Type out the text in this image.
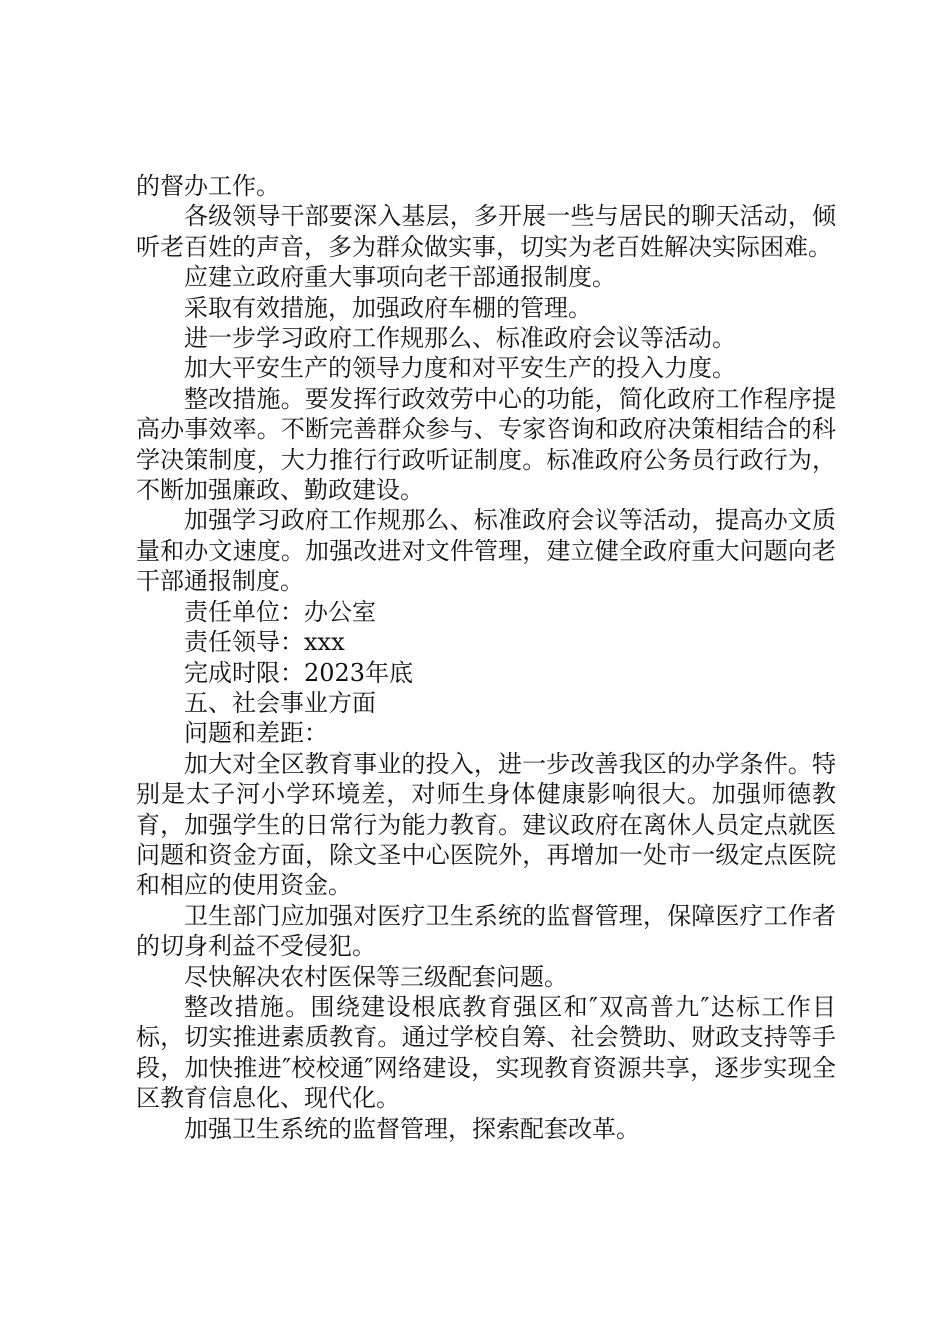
的督办工作。

各级领导干部要深入基层，多开展一些与居民的聊天活动，倾听老百姓的声音，多为群众做实事，切实为老百姓解决实际困难。

应建立政府重大事项向老干部通报制度。

采取有效措施，加强政府车棚的管理。

进一步学习政府工作规那么、标准政府会议等活动。

加大平安生产的领导力度和对平安生产的投入力度。

整改措施。要发挥行政效劳中心的功能，简化政府工作程序提高办事效率。不断完善群众参与、专家咨询和政府决策相结合的科学决策制度，大力推行行政听证制度。标准政府公务员行政行为，不断加强廉政、勤政建设。

加强学习政府工作规那么、标准政府会议等活动，提高办文质量和办文速度。加强改进对文件管理，建立健全政府重大问题向老干部通报制度。

责任单位：办公室

责任领导：xxx

完成时限：2023年底

五、社会事业方面

问题和差距：

加大对全区教育事业的投入，进一步改善我区的办学条件。特别是太子河小学环境差，对师生身体健康影响很大。加强师德教育，加强学生的日常行为能力教育。建议政府在离休人员定点就医问题和资金方面，除文圣中心医院外，再增加一处市一级定点医院和相应的使用资金。

卫生部门应加强对医疗卫生系统的监督管理，保障医疗工作者的切身利益不受侵犯。

尽快解决农村医保等三级配套问题。

整改措施。围绕建设根底教育强区和″双高普九″达标工作目标，切实推进素质教育。通过学校自筹、社会赞助、财政支持等手段，加快推进″校校通″网络建设，实现教育资源共享，逐步实现全区教育信息化、现代化。

加强卫生系统的监督管理，探索配套改革。
